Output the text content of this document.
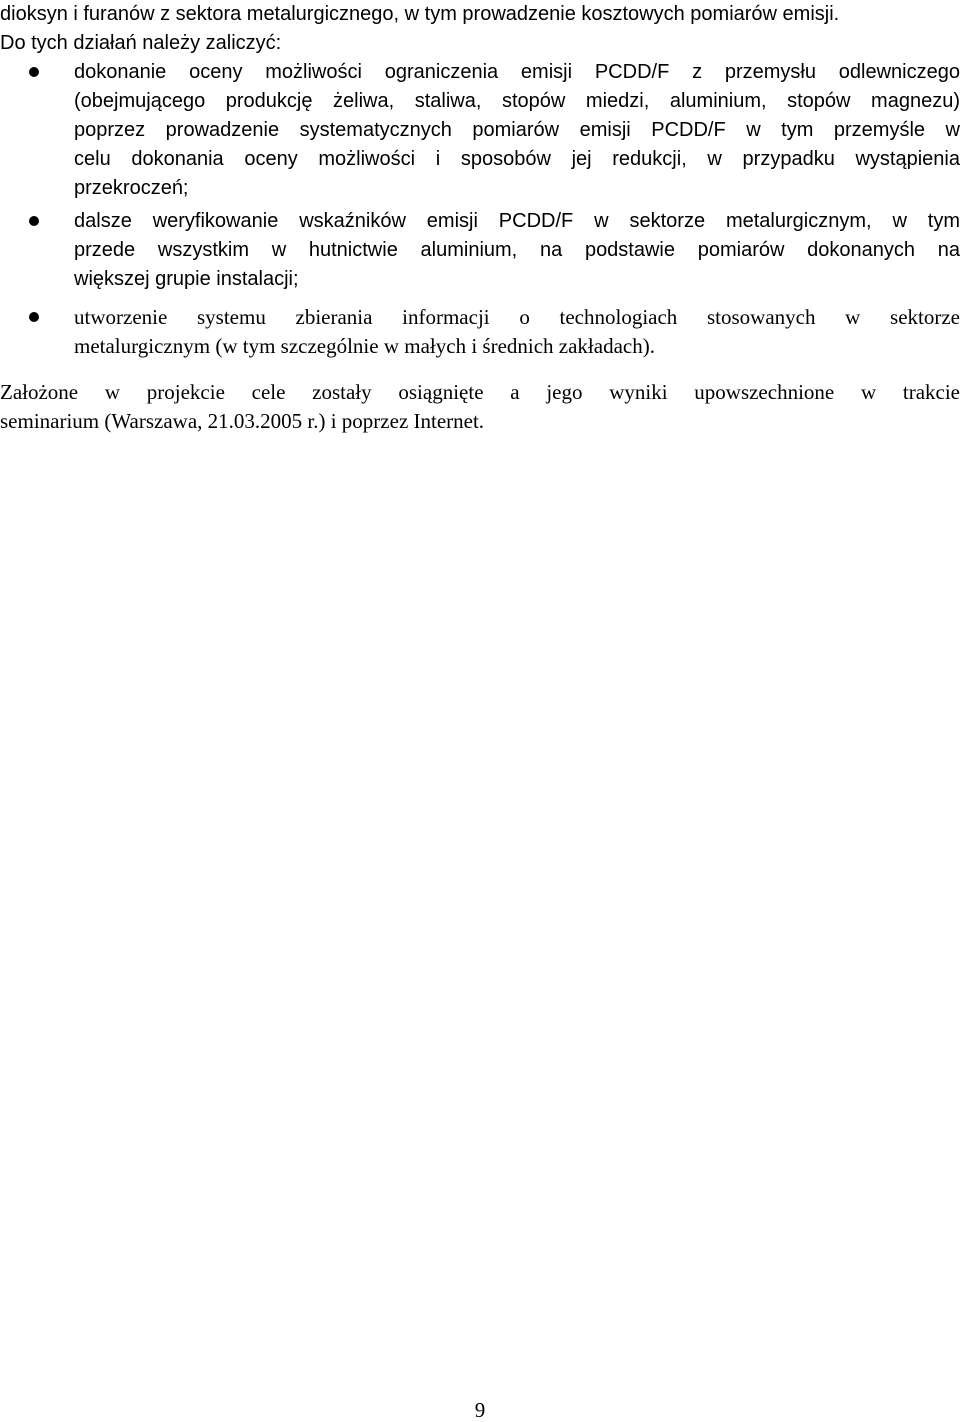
dioksyn i furanów z sektora metalurgicznego, w tym prowadzenie kosztowych pomiarów emisji.
Do tych działań należy zaliczyć:
dokonanie oceny możliwości ograniczenia emisji PCDD/F z przemysłu odlewniczego
(obejmującego produkcję żeliwa, staliwa, stopów miedzi, aluminium, stopów magnezu)
poprzez prowadzenie systematycznych pomiarów emisji PCDD/F w tym przemyśle w
celu dokonania oceny możliwości i sposobów jej redukcji, w przypadku wystąpienia
przekroczeń;
dalsze weryfikowanie wskaźników emisji PCDD/F w sektorze metalurgicznym, w tym
przede wszystkim w hutnictwie aluminium, na podstawie pomiarów dokonanych na
większej grupie instalacji;
utworzenie systemu zbierania informacji o technologiach stosowanych w sektorze
metalurgicznym (w tym szczególnie w małych i średnich zakładach).

Założone w projekcie cele zostały osiągnięte a jego wyniki upowszechnione w trakcie
seminarium (Warszawa, 21.03.2005 r.) i poprzez Internet.

9
